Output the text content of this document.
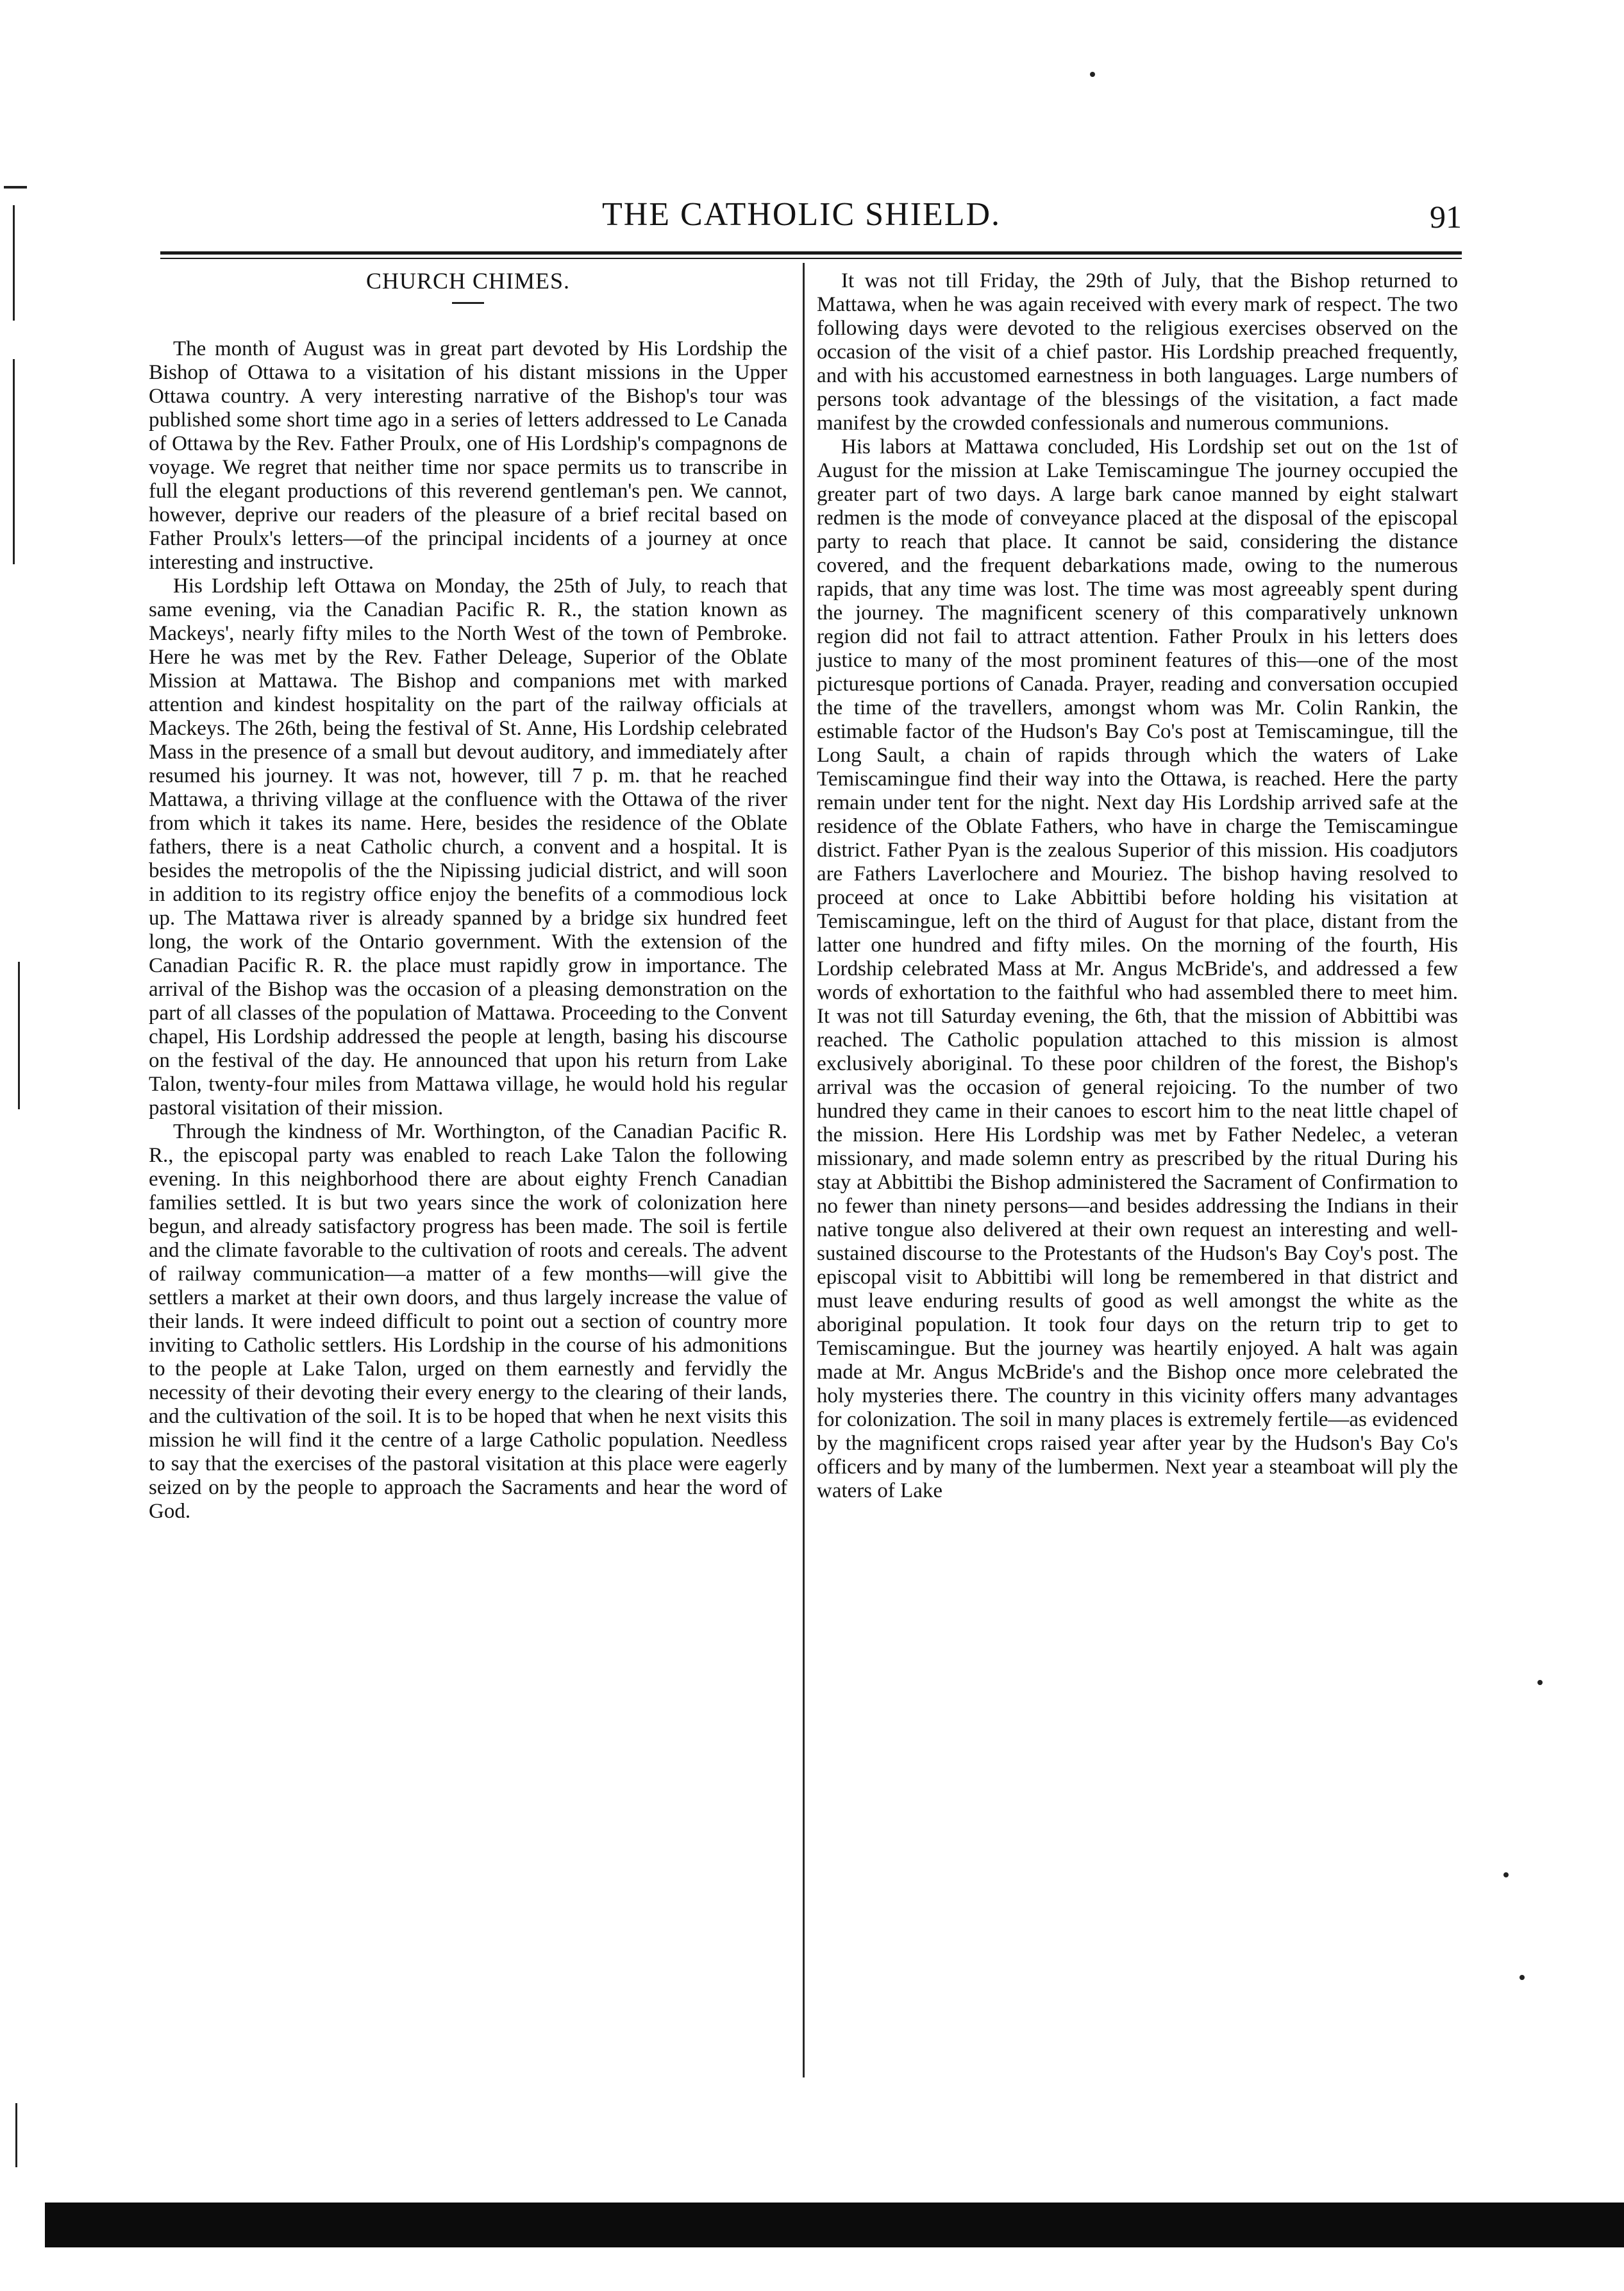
THE CATHOLIC SHIELD.	91

CHURCH CHIMES.

The month of August was in great part devoted by His Lordship the Bishop of Ottawa to a visitation of his distant missions in the Upper Ottawa country. A very interesting narrative of the Bishop's tour was published some short time ago in a series of letters addressed to Le Canada of Ottawa by the Rev. Father Proulx, one of His Lordship's compagnons de voyage. We regret that neither time nor space permits us to transcribe in full the elegant productions of this reverend gentleman's pen. We cannot, however, deprive our readers of the pleasure of a brief recital based on Father Proulx's letters—of the principal incidents of a journey at once interesting and instructive.

His Lordship left Ottawa on Monday, the 25th of July, to reach that same evening, via the Canadian Pacific R. R., the station known as Mackeys', nearly fifty miles to the North West of the town of Pembroke. Here he was met by the Rev. Father Deleage, Superior of the Oblate Mission at Mattawa. The Bishop and companions met with marked attention and kindest hospitality on the part of the railway officials at Mackeys. The 26th, being the festival of St. Anne, His Lordship celebrated Mass in the presence of a small but devout auditory, and immediately after resumed his journey. It was not, however, till 7 p. m. that he reached Mattawa, a thriving village at the confluence with the Ottawa of the river from which it takes its name. Here, besides the residence of the Oblate fathers, there is a neat Catholic church, a convent and a hospital. It is besides the metropolis of the the Nipissing judicial district, and will soon in addition to its registry office enjoy the benefits of a commodious lock up. The Mattawa river is already spanned by a bridge six hundred feet long, the work of the Ontario government. With the extension of the Canadian Pacific R. R. the place must rapidly grow in importance. The arrival of the Bishop was the occasion of a pleasing demonstration on the part of all classes of the population of Mattawa. Proceeding to the Convent chapel, His Lordship addressed the people at length, basing his discourse on the festival of the day. He announced that upon his return from Lake Talon, twenty-four miles from Mattawa village, he would hold his regular pastoral visitation of their mission.

Through the kindness of Mr. Worthington, of the Canadian Pacific R. R., the episcopal party was enabled to reach Lake Talon the following evening. In this neighborhood there are about eighty French Canadian families settled. It is but two years since the work of colonization here begun, and already satisfactory progress has been made. The soil is fertile and the climate favorable to the cultivation of roots and cereals. The advent of railway communication—a matter of a few months—will give the settlers a market at their own doors, and thus largely increase the value of their lands. It were indeed difficult to point out a section of country more inviting to Catholic settlers. His Lordship in the course of his admonitions to the people at Lake Talon, urged on them earnestly and fervidly the necessity of their devoting their every energy to the clearing of their lands, and the cultivation of the soil. It is to be hoped that when he next visits this mission he will find it the centre of a large Catholic population. Needless to say that the exercises of the pastoral visitation at this place were eagerly seized on by the people to approach the Sacraments and hear the word of God.

It was not till Friday, the 29th of July, that the Bishop returned to Mattawa, when he was again received with every mark of respect. The two following days were devoted to the religious exercises observed on the occasion of the visit of a chief pastor. His Lordship preached frequently, and with his accustomed earnestness in both languages. Large numbers of persons took advantage of the blessings of the visitation, a fact made manifest by the crowded confessionals and numerous communions.

His labors at Mattawa concluded, His Lordship set out on the 1st of August for the mission at Lake Temiscamingue The journey occupied the greater part of two days. A large bark canoe manned by eight stalwart redmen is the mode of conveyance placed at the disposal of the episcopal party to reach that place. It cannot be said, considering the distance covered, and the frequent debarkations made, owing to the numerous rapids, that any time was lost. The time was most agreeably spent during the journey. The magnificent scenery of this comparatively unknown region did not fail to attract attention. Father Proulx in his letters does justice to many of the most prominent features of this—one of the most picturesque portions of Canada. Prayer, reading and conversation occupied the time of the travellers, amongst whom was Mr. Colin Rankin, the estimable factor of the Hudson's Bay Co's post at Temiscamingue, till the Long Sault, a chain of rapids through which the waters of Lake Temiscamingue find their way into the Ottawa, is reached. Here the party remain under tent for the night. Next day His Lordship arrived safe at the residence of the Oblate Fathers, who have in charge the Temiscamingue district. Father Pyan is the zealous Superior of this mission. His coadjutors are Fathers Laverlochere and Mouriez. The bishop having resolved to proceed at once to Lake Abbittibi before holding his visitation at Temiscamingue, left on the third of August for that place, distant from the latter one hundred and fifty miles. On the morning of the fourth, His Lordship celebrated Mass at Mr. Angus McBride's, and addressed a few words of exhortation to the faithful who had assembled there to meet him. It was not till Saturday evening, the 6th, that the mission of Abbittibi was reached. The Catholic population attached to this mission is almost exclusively aboriginal. To these poor children of the forest, the Bishop's arrival was the occasion of general rejoicing. To the number of two hundred they came in their canoes to escort him to the neat little chapel of the mission. Here His Lordship was met by Father Nedelec, a veteran missionary, and made solemn entry as prescribed by the ritual During his stay at Abbittibi the Bishop administered the Sacrament of Confirmation to no fewer than ninety persons—and besides addressing the Indians in their native tongue also delivered at their own request an interesting and well-sustained discourse to the Protestants of the Hudson's Bay Coy's post. The episcopal visit to Abbittibi will long be remembered in that district and must leave enduring results of good as well amongst the white as the aboriginal population. It took four days on the return trip to get to Temiscamingue. But the journey was heartily enjoyed. A halt was again made at Mr. Angus McBride's and the Bishop once more celebrated the holy mysteries there. The country in this vicinity offers many advantages for colonization. The soil in many places is extremely fertile—as evidenced by the magnificent crops raised year after year by the Hudson's Bay Co's officers and by many of the lumbermen. Next year a steamboat will ply the waters of Lake
